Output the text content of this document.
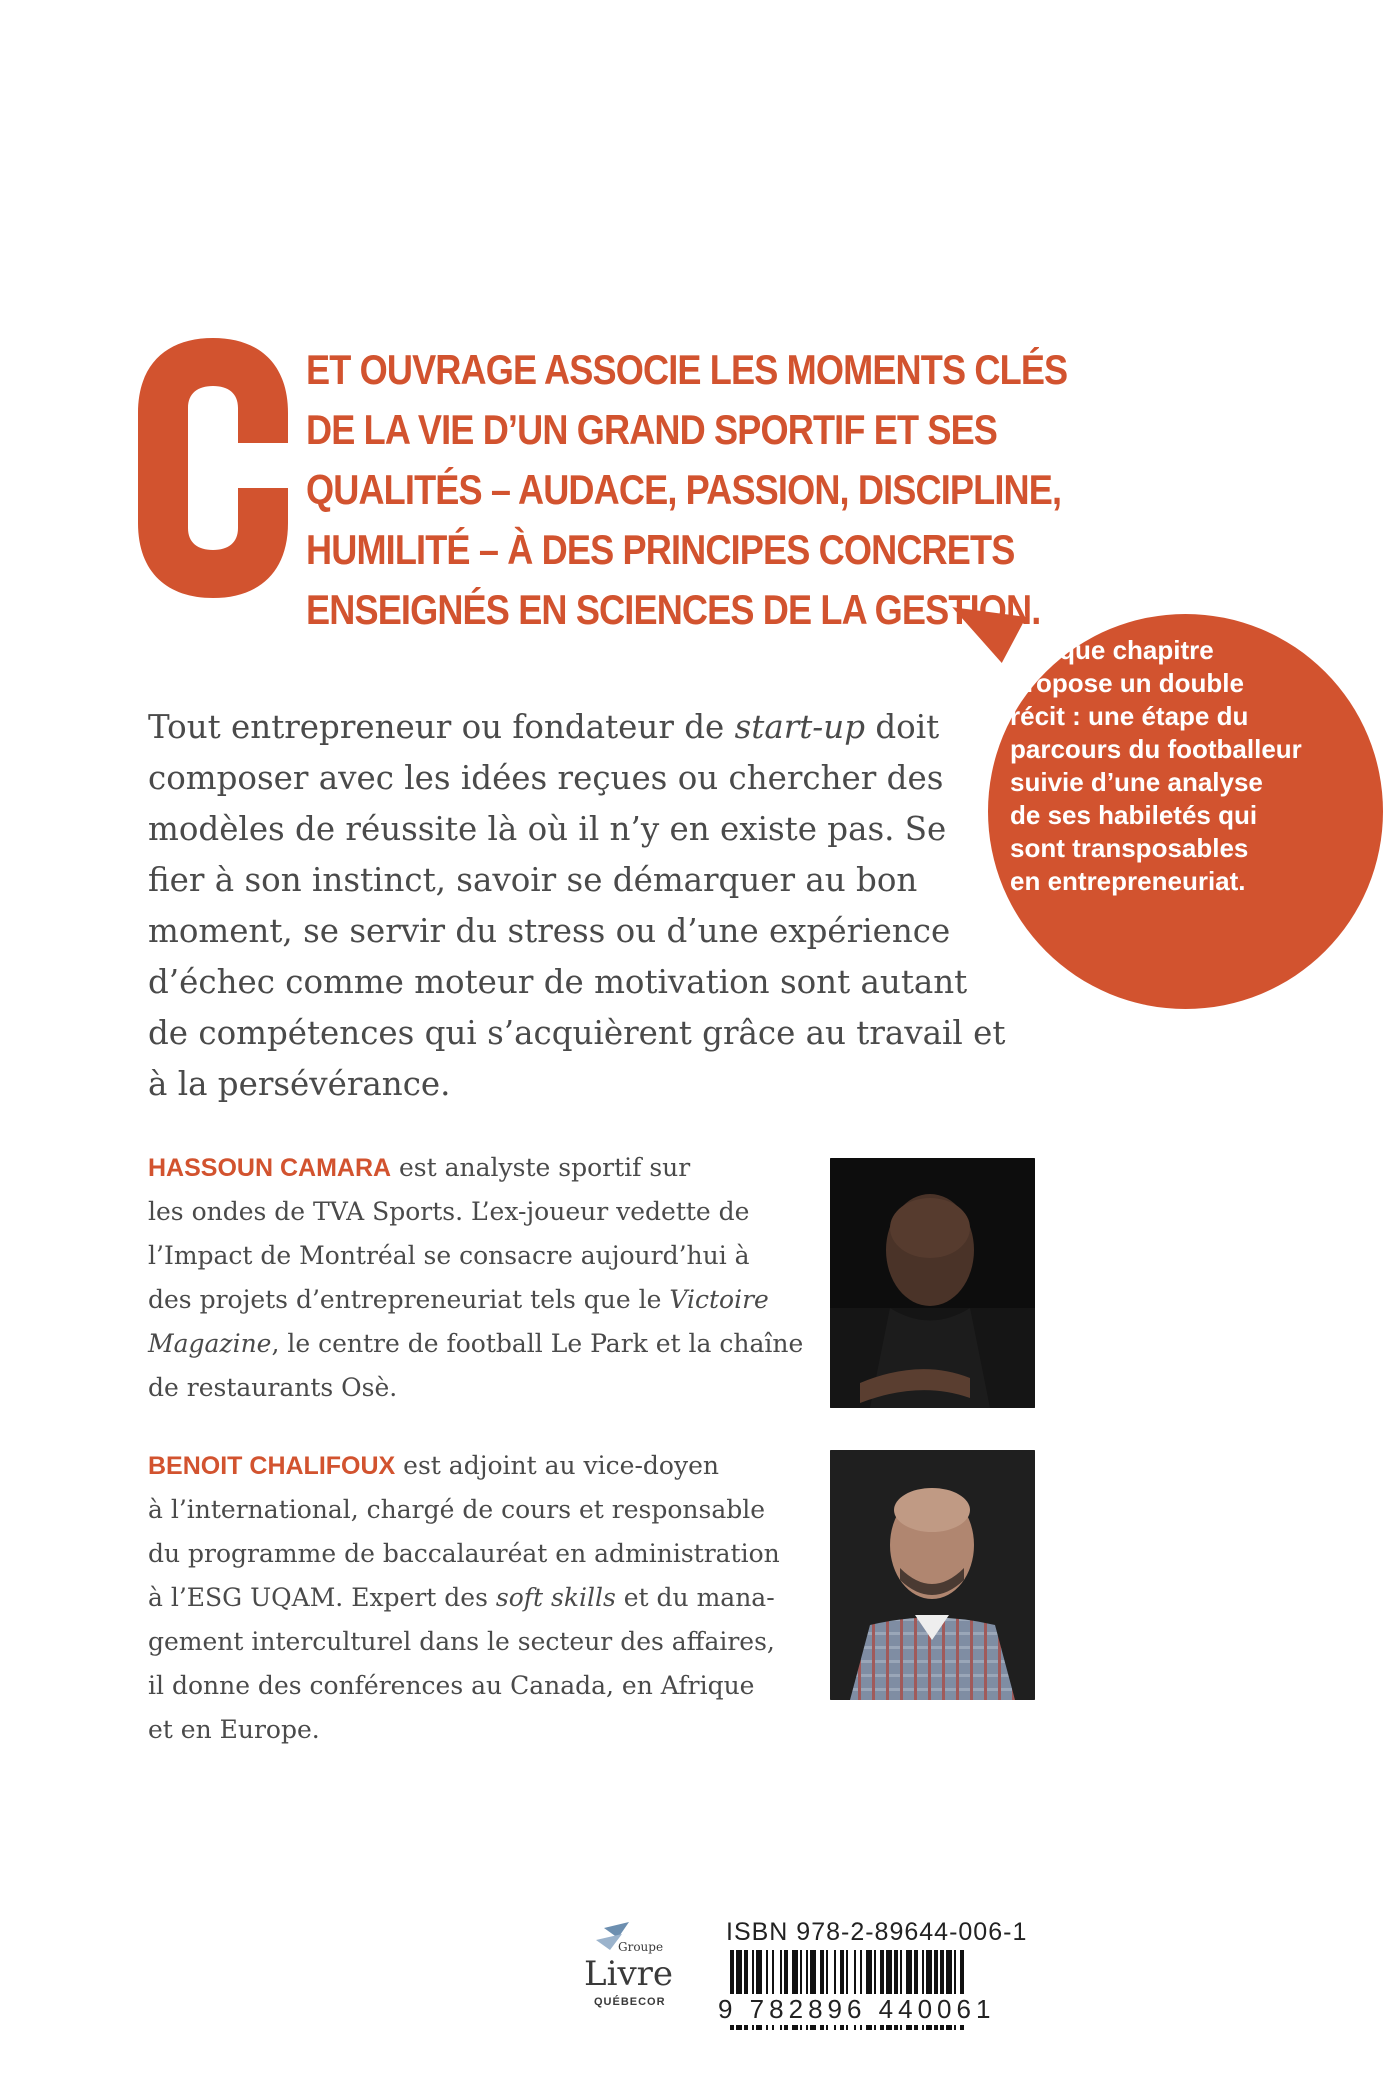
ET OUVRAGE ASSOCIE LES MOMENTS CLÉS
DE LA VIE D’UN GRAND SPORTIF ET SES
QUALITÉS – AUDACE, PASSION, DISCIPLINE,
HUMILITÉ – À DES PRINCIPES CONCRETS
ENSEIGNÉS EN SCIENCES DE LA GESTION.
Chaque chapitre
propose un double
récit : une étape du
parcours du footballeur
suivie d’une analyse
de ses habiletés qui
sont transposables
en entrepreneuriat.
Tout entrepreneur ou fondateur de start-up doit
composer avec les idées reçues ou chercher des
modèles de réussite là où il n’y en existe pas. Se
fier à son instinct, savoir se démarquer au bon
moment, se servir du stress ou d’une expérience
d’échec comme moteur de motivation sont autant
de compétences qui s’acquièrent grâce au travail et
à la persévérance.
HASSOUN CAMARA est analyste sportif sur
les ondes de TVA Sports. L’ex-joueur vedette de
l’Impact de Montréal se consacre aujourd’hui à
des projets d’entrepreneuriat tels que le Victoire
Magazine, le centre de football Le Park et la chaîne
de restaurants Osè.
BENOIT CHALIFOUX est adjoint au vice-doyen
à l’international, chargé de cours et responsable
du programme de baccalauréat en administration
à l’ESG UQAM. Expert des soft skills et du mana-
gement interculturel dans le secteur des affaires,
il donne des conférences au Canada, en Afrique
et en Europe.
Groupe
Livre
QUÉBECOR
ISBN 978-2-89644-006-1
9 782896 440061
